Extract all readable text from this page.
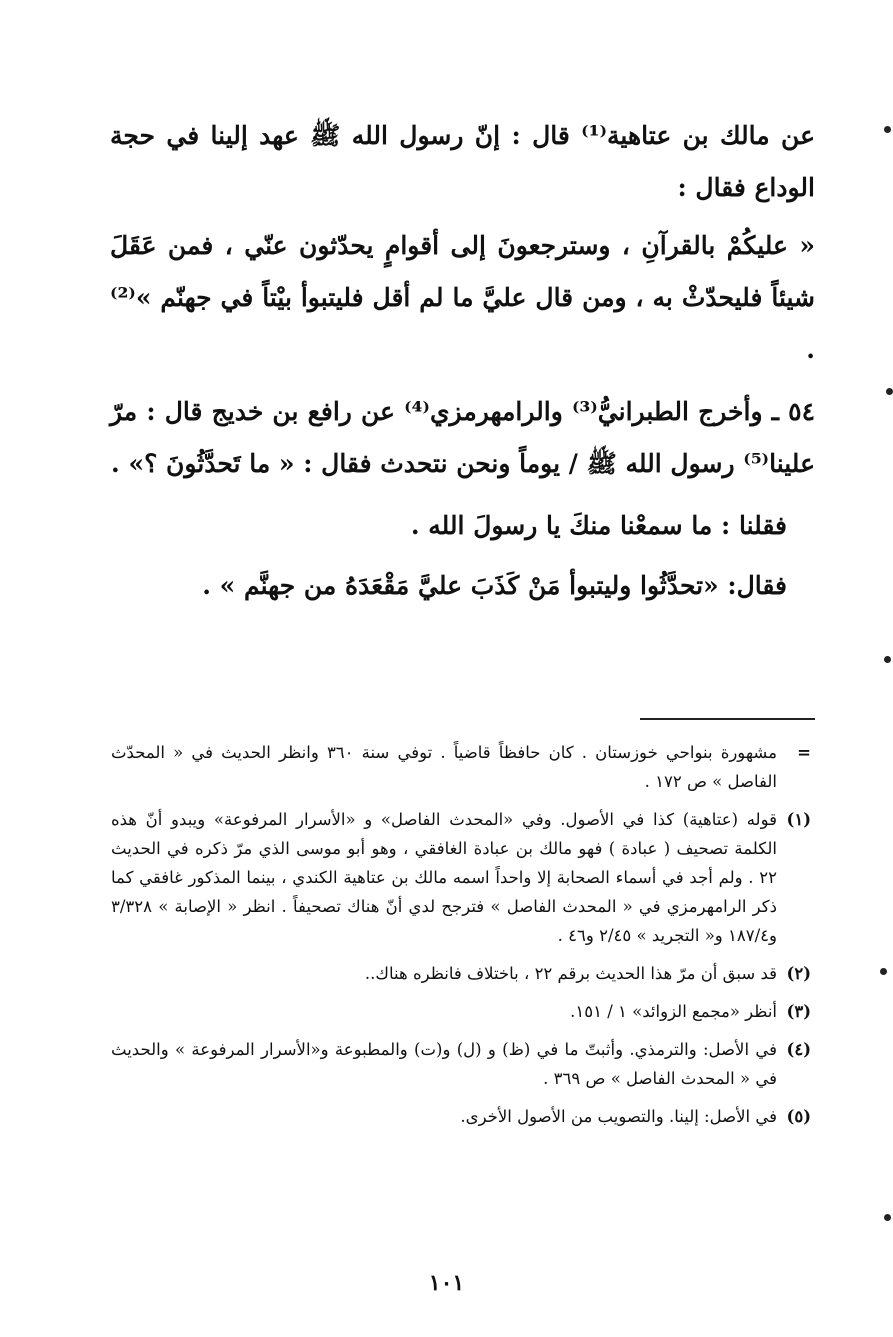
عن مالك بن عتاهية⁽¹⁾ قال : إنّ رسول الله ﷺ عهد إلينا في حجة الوداع فقال :

« عليكُمْ بالقرآنِ ، وسترجعونَ إلى أقوامٍ يحدّثون عنّي ، فمن عَقَلَ شيئاً فليحدّثْ به ، ومن قال عليَّ ما لم أقل فليتبوأ بيْتاً في جهنّم »⁽²⁾ .

٥٤ ـ وأخرج الطبرانيُّ⁽³⁾ والرامهرمزي⁽⁴⁾ عن رافع بن خديج قال : مرّ علينا⁽⁵⁾ رسول الله ﷺ / يوماً ونحن نتحدث فقال : « ما تَحدَّثُونَ ؟» .

فقلنا : ما سمعْنا منكَ يا رسولَ الله .

فقال: «تحدَّثُوا وليتبوأ مَنْ كَذَبَ عليَّ مَقْعَدَهُ من جهنَّم » .

=
مشهورة بنواحي خوزستان . كان حافظاً قاضياً . توفي سنة ٣٦٠ وانظر الحديث في « المحدّث الفاصل » ص ١٧٢ .
(١)
قوله (عتاهية) كذا في الأصول. وفي «المحدث الفاصل» و «الأسرار المرفوعة» ويبدو أنّ هذه الكلمة تصحيف ( عبادة ) فهو مالك بن عبادة الغافقي ، وهو أبو موسى الذي مرّ ذكره في الحديث ٢٢ . ولم أجد في أسماء الصحابة إلا واحداً اسمه مالك بن عتاهية الكندي ، بينما المذكور غافقي كما ذكر الرامهرمزي في « المحدث الفاصل » فترجح لدي أنّ هناك تصحيفاً . انظر « الإصابة » ٣/٣٢٨ و١٨٧/٤ و« التجريد » ٢/٤٥ و٤٦ .
(٢)
قد سبق أن مرّ هذا الحديث برقم ٢٢ ، باختلاف فانظره هناك..
(٣)
أنظر «مجمع الزوائد» ١ / ١٥١.
(٤)
في الأصل: والترمذي. وأثبتّ ما في (ظ) و (ل) و(ت) والمطبوعة و«الأسرار المرفوعة » والحديث في « المحدث الفاصل » ص ٣٦٩ .
(٥)
في الأصل: إلينا. والتصويب من الأصول الأخرى.
١٠١
